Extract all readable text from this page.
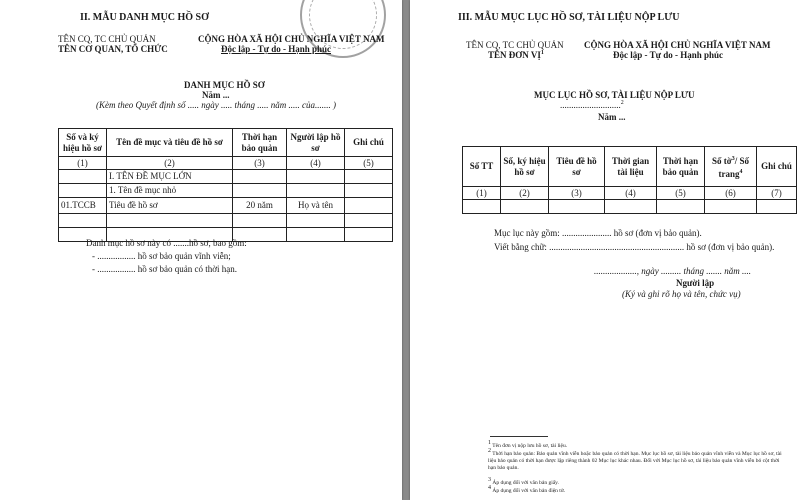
II. MẪU DANH MỤC HỒ SƠ
TÊN CQ, TC CHỦ QUẢN
TÊN CƠ QUAN, TỔ CHỨC
CỘNG HÒA XÃ HỘI CHỦ NGHĨA VIỆT NAM
Độc lập - Tự do - Hạnh phúc
DANH MỤC HỒ SƠ
Năm ...
(Kèm theo Quyết định số ..... ngày ..... tháng ..... năm ..... của....... )
Số và ký hiệu hồ sơ	Tên đề mục và tiêu đề hồ sơ	Thời hạn bảo quản	Người lập hồ sơ	Ghi chú
(1)	(2)	(3)	(4)	(5)
	I. TÊN ĐỀ MỤC LỚN			
	1. Tên đề mục nhỏ			
01.TCCB	Tiêu đề hồ sơ	20 năm	Họ và tên	

Danh mục hồ sơ này có .......hồ sơ, bao gồm:
- ................. hồ sơ bảo quản vĩnh viễn;
- ................. hồ sơ bảo quản có thời hạn.
III. MẪU MỤC LỤC HỒ SƠ, TÀI LIỆU NỘP LƯU
TÊN CQ, TC CHỦ QUẢN
TÊN ĐƠN VỊ$^1$
CỘNG HÒA XÃ HỘI CHỦ NGHĨA VIỆT NAM
Độc lập - Tự do - Hạnh phúc
MỤC LỤC HỒ SƠ, TÀI LIỆU NỘP LƯU
...........................$^2$
Năm ...
Số TT	Số, ký hiệu hồ sơ	Tiêu đề hồ sơ	Thời gian tài liệu	Thời hạn bảo quản	Số tờ$^3$/ Số trang$^4$	Ghi chú
(1)	(2)	(3)	(4)	(5)	(6)	(7)

Mục lục này gồm: ...................... hồ sơ (đơn vị bảo quản).
Viết bằng chữ: ............................................................ hồ sơ (đơn vị bảo quản).
..................., ngày ......... tháng ....... năm ....
Người lập
(Ký và ghi rõ họ và tên, chức vụ)
$^1$ Tên đơn vị nộp lưu hồ sơ, tài liệu.
$^2$ Thời hạn bảo quản: Bảo quản vĩnh viễn hoặc bảo quản có thời hạn. Mục lục hồ sơ, tài liệu bảo quản vĩnh viễn và Mục lục hồ sơ, tài liệu bảo quản có thời hạn được lập riêng thành 02 Mục lục khác nhau. Đối với Mục lục hồ sơ, tài liệu bảo quản vĩnh viễn bỏ cột thời hạn bảo quản.
$^3$ Áp dụng đối với văn bản giấy.
$^4$ Áp dụng đối với văn bản điện tử.
